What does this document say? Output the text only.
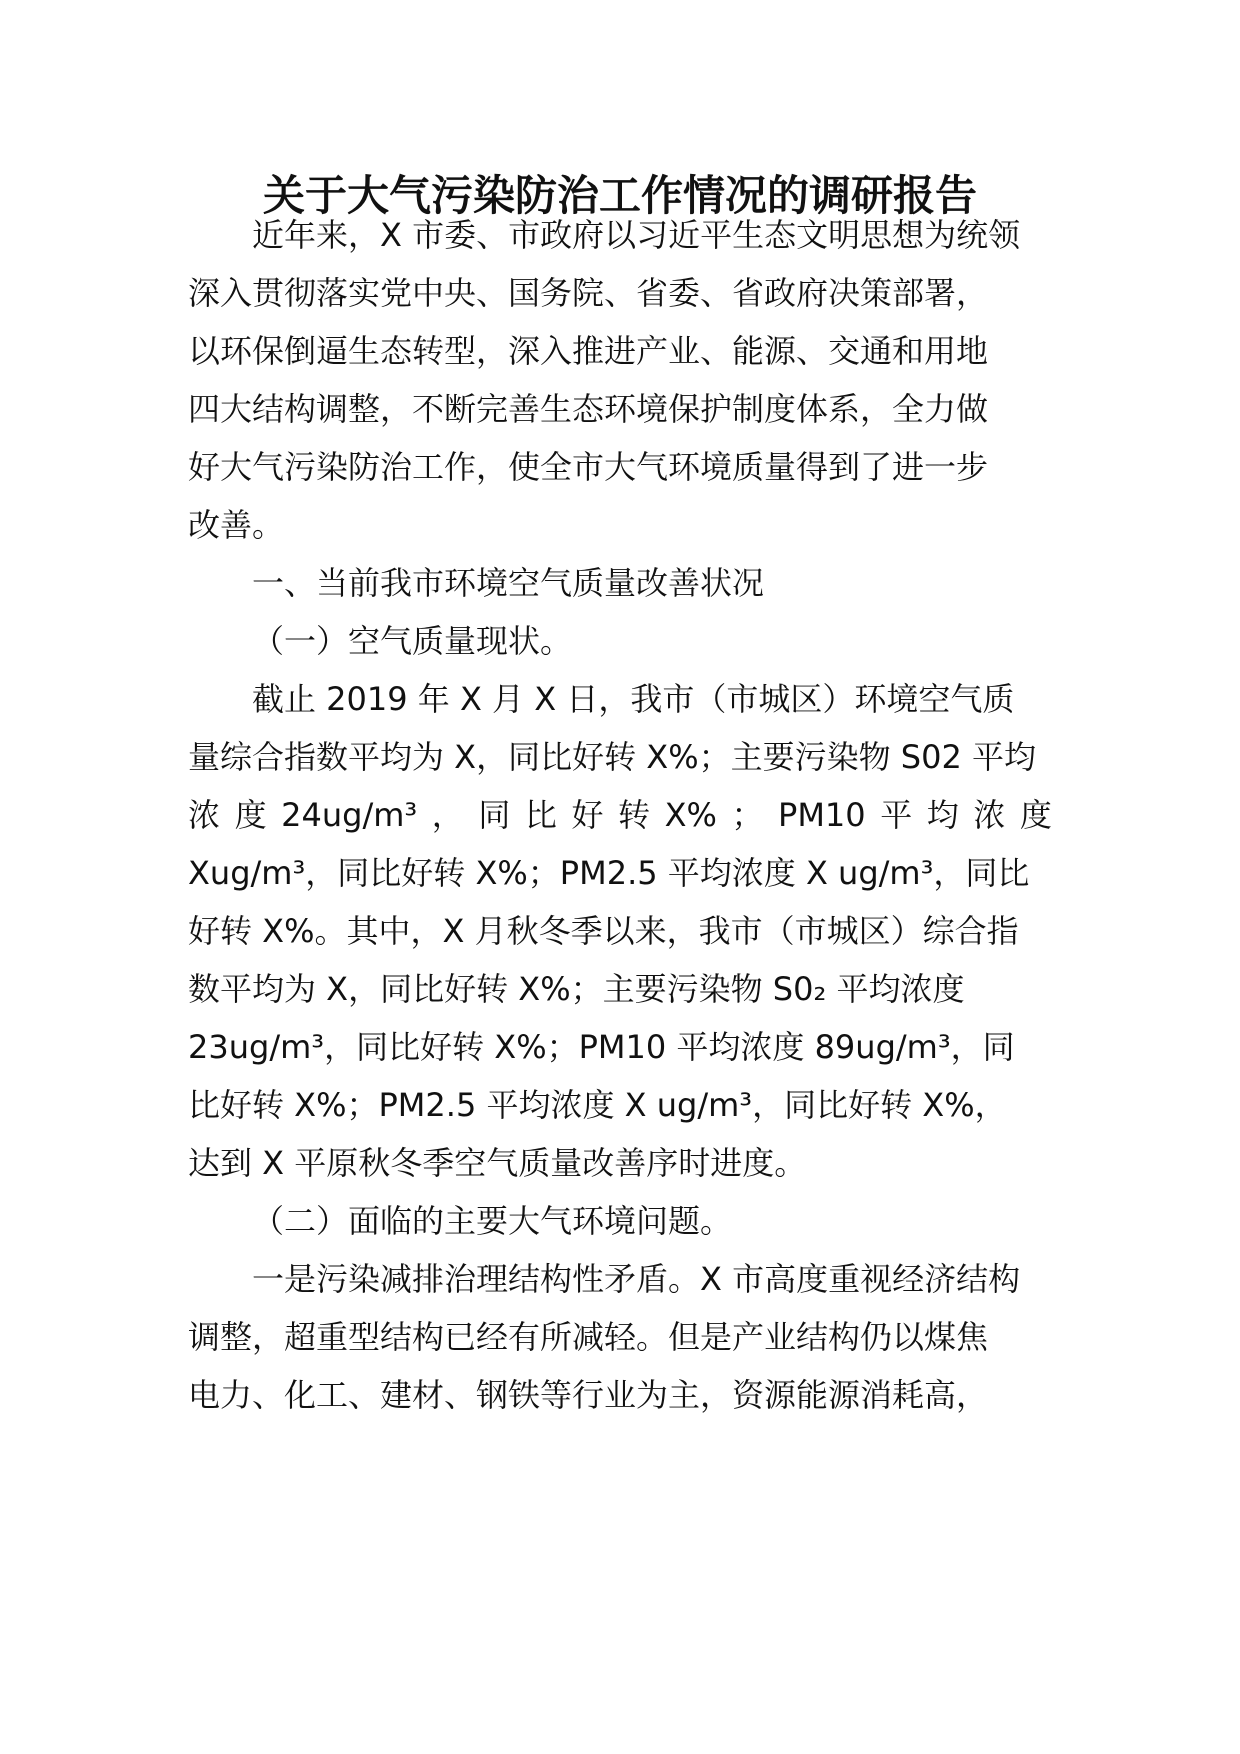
关于大气污染防治工作情况的调研报告
近年来，X 市委、市政府以习近平生态文明思想为统领
深入贯彻落实党中央、国务院、省委、省政府决策部署，
以环保倒逼生态转型，深入推进产业、能源、交通和用地
四大结构调整，不断完善生态环境保护制度体系，全力做
好大气污染防治工作，使全市大气环境质量得到了进一步
改善。
一、当前我市环境空气质量改善状况
（一）空气质量现状。
截止 2019 年 X 月 X 日，我市（市城区）环境空气质
量综合指数平均为 X，同比好转 X%；主要污染物 S02 平均
浓 度 24ug/m³ ， 同 比 好 转 X% ； PM10 平 均 浓 度
Xug/m³，同比好转 X%；PM2.5 平均浓度 X ug/m³，同比
好转 X%。其中，X 月秋冬季以来，我市（市城区）综合指
数平均为 X，同比好转 X%；主要污染物 S0₂ 平均浓度
23ug/m³，同比好转 X%；PM10 平均浓度 89ug/m³，同
比好转 X%；PM2.5 平均浓度 X ug/m³，同比好转 X%，
达到 X 平原秋冬季空气质量改善序时进度。
（二）面临的主要大气环境问题。
一是污染减排治理结构性矛盾。X 市高度重视经济结构
调整，超重型结构已经有所减轻。但是产业结构仍以煤焦
电力、化工、建材、钢铁等行业为主，资源能源消耗高，
